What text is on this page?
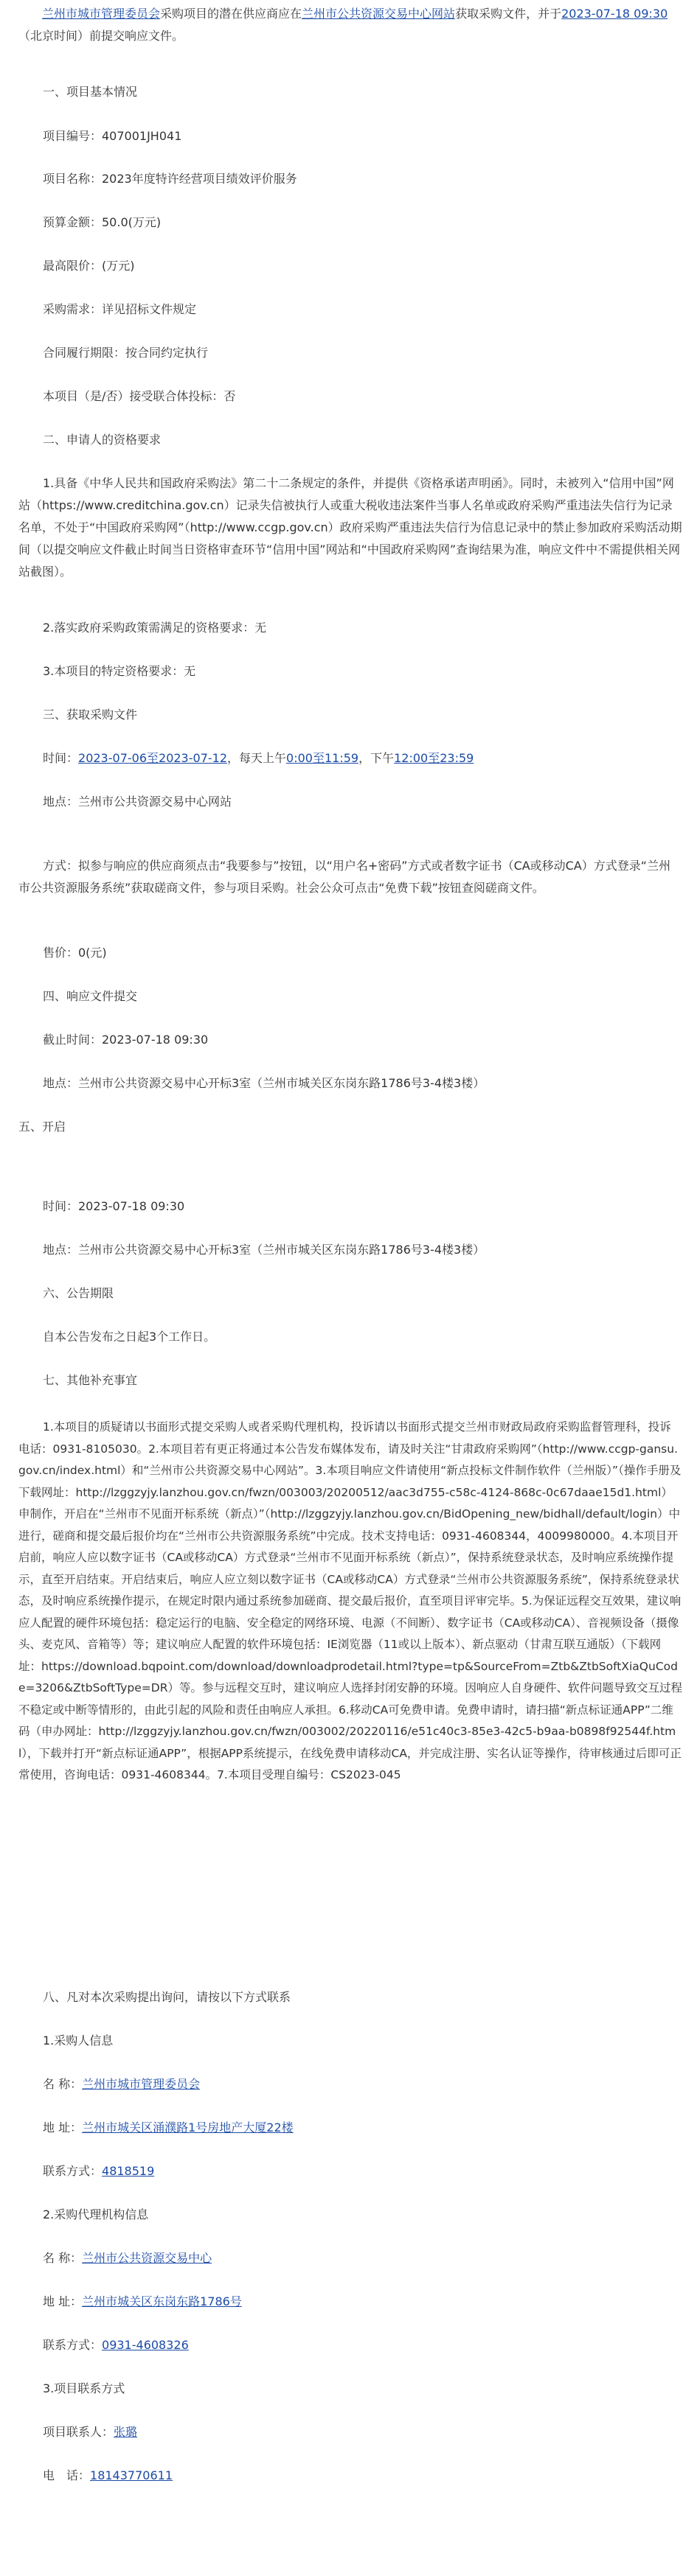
　　兰州市城市管理委员会采购项目的潜在供应商应在兰州市公共资源交易中心网站获取采购文件，并于2023-07-18 09:30（北京时间）前提交响应文件。

一、项目基本情况

项目编号：407001JH041

项目名称：2023年度特许经营项目绩效评价服务

预算金额：50.0(万元)

最高限价：(万元)

采购需求：详见招标文件规定

合同履行期限：按合同约定执行

本项目（是/否）接受联合体投标：否

二、申请人的资格要求

1.具备《中华人民共和国政府采购法》第二十二条规定的条件，并提供《资格承诺声明函》。同时，未被列入“信用中国”网站（https://www.creditchina.gov.cn）记录失信被执行人或重大税收违法案件当事人名单或政府采购严重违法失信行为记录名单，不处于“中国政府采购网”（http://www.ccgp.gov.cn）政府采购严重违法失信行为信息记录中的禁止参加政府采购活动期间（以提交响应文件截止时间当日资格审查环节“信用中国”网站和“中国政府采购网”查询结果为准，响应文件中不需提供相关网站截图）。

2.落实政府采购政策需满足的资格要求：无

3.本项目的特定资格要求：无

三、获取采购文件

时间：2023-07-06至2023-07-12，每天上午0:00至11:59，下午12:00至23:59

地点：兰州市公共资源交易中心网站

方式：拟参与响应的供应商须点击“我要参与”按钮，以“用户名+密码”方式或者数字证书（CA或移动CA）方式登录“兰州市公共资源服务系统”获取磋商文件，参与项目采购。社会公众可点击“免费下载”按钮查阅磋商文件。

售价：0(元)

四、响应文件提交

截止时间：2023-07-18 09:30

地点：兰州市公共资源交易中心开标3室（兰州市城关区东岗东路1786号3-4楼3楼）

五、开启

时间：2023-07-18 09:30

地点：兰州市公共资源交易中心开标3室（兰州市城关区东岗东路1786号3-4楼3楼）

六、公告期限

自本公告发布之日起3个工作日。

七、其他补充事宜

1.本项目的质疑请以书面形式提交采购人或者采购代理机构，投诉请以书面形式提交兰州市财政局政府采购监督管理科，投诉电话：0931-8105030。2.本项目若有更正将通过本公告发布媒体发布，请及时关注“甘肃政府采购网”（http://www.ccgp-gansu.gov.cn/index.html）和“兰州市公共资源交易中心网站”。3.本项目响应文件请使用“新点投标文件制作软件（兰州版）”（操作手册及下载网址：http://lzggzyjy.lanzhou.gov.cn/fwzn/003003/20200512/aac3d755-c58c-4124-868c-0c67daae15d1.html）申制作，开启在“兰州市不见面开标系统（新点）”（http://lzggzyjy.lanzhou.gov.cn/BidOpening_new/bidhall/default/login）中进行，磋商和提交最后报价均在“兰州市公共资源服务系统”中完成。技术支持电话：0931-4608344，4009980000。4.本项目开启前，响应人应以数字证书（CA或移动CA）方式登录“兰州市不见面开标系统（新点）”，保持系统登录状态，及时响应系统操作提示，直至开启结束。开启结束后，响应人应立刻以数字证书（CA或移动CA）方式登录“兰州市公共资源服务系统”，保持系统登录状态，及时响应系统操作提示，在规定时限内通过系统参加磋商、提交最后报价，直至项目评审完毕。5.为保证远程交互效果，建议响应人配置的硬件环境包括：稳定运行的电脑、安全稳定的网络环境、电源（不间断）、数字证书（CA或移动CA）、音视频设备（摄像头、麦克风、音箱等）等；建议响应人配置的软件环境包括：IE浏览器（11或以上版本）、新点驱动（甘肃互联互通版）（下载网址：https://download.bqpoint.com/download/downloadprodetail.html?type=tp&SourceFrom=Ztb&ZtbSoftXiaQuCode=3206&ZtbSoftType=DR）等。参与远程交互时，建议响应人选择封闭安静的环境。因响应人自身硬件、软件问题导致交互过程不稳定或中断等情形的，由此引起的风险和责任由响应人承担。6.移动CA可免费申请。免费申请时，请扫描“新点标证通APP”二维码（申办网址：http://lzggzyjy.lanzhou.gov.cn/fwzn/003002/20220116/e51c40c3-85e3-42c5-b9aa-b0898f92544f.html），下载并打开“新点标证通APP”，根据APP系统提示，在线免费申请移动CA，并完成注册、实名认证等操作，待审核通过后即可正常使用，咨询电话：0931-4608344。7.本项目受理自编号：CS2023-045

八、凡对本次采购提出询问，请按以下方式联系

1.采购人信息

名 称：兰州市城市管理委员会

地 址：兰州市城关区涌濮路1号房地产大厦22楼

联系方式：4818519

2.采购代理机构信息

名 称：兰州市公共资源交易中心

地 址：兰州市城关区东岗东路1786号

联系方式：0931-4608326

3.项目联系方式

项目联系人：张璐

电　话：18143770611
